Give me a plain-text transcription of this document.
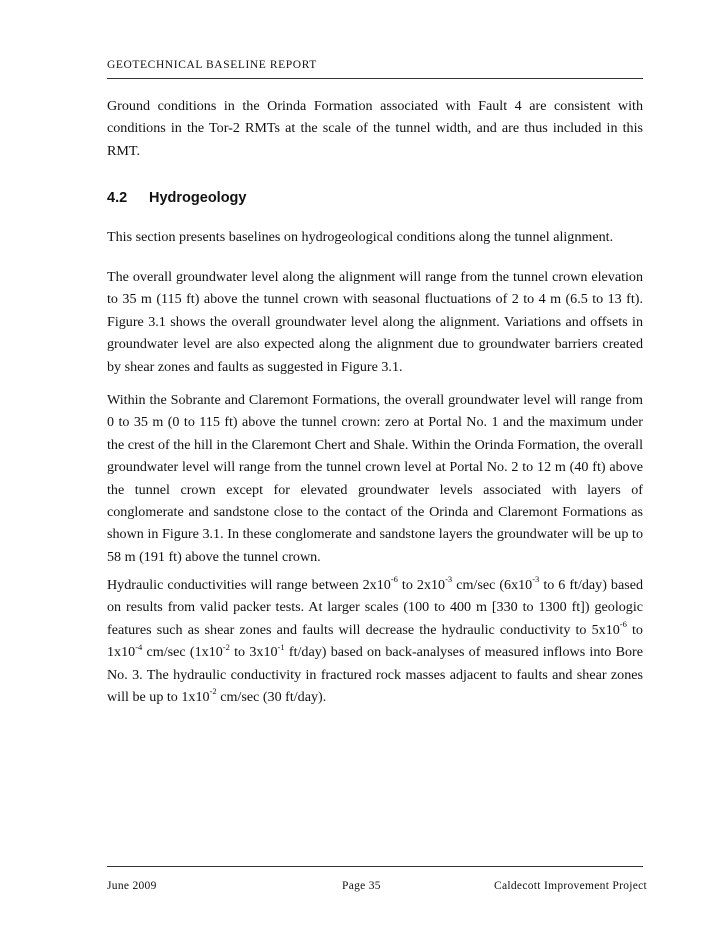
GEOTECHNICAL BASELINE REPORT
Ground conditions in the Orinda Formation associated with Fault 4 are consistent with conditions in the Tor-2 RMTs at the scale of the tunnel width, and are thus included in this RMT.
4.2 Hydrogeology
This section presents baselines on hydrogeological conditions along the tunnel alignment.
The overall groundwater level along the alignment will range from the tunnel crown elevation to 35 m (115 ft) above the tunnel crown with seasonal fluctuations of 2 to 4 m (6.5 to 13 ft). Figure 3.1 shows the overall groundwater level along the alignment. Variations and offsets in groundwater level are also expected along the alignment due to groundwater barriers created by shear zones and faults as suggested in Figure 3.1.
Within the Sobrante and Claremont Formations, the overall groundwater level will range from 0 to 35 m (0 to 115 ft) above the tunnel crown: zero at Portal No. 1 and the maximum under the crest of the hill in the Claremont Chert and Shale. Within the Orinda Formation, the overall groundwater level will range from the tunnel crown level at Portal No. 2 to 12 m (40 ft) above the tunnel crown except for elevated groundwater levels associated with layers of conglomerate and sandstone close to the contact of the Orinda and Claremont Formations as shown in Figure 3.1. In these conglomerate and sandstone layers the groundwater will be up to 58 m (191 ft) above the tunnel crown.
Hydraulic conductivities will range between $2x10^{-6}$ to $2x10^{-3}$ cm/sec ($6x10^{-3}$ to 6 ft/day) based on results from valid packer tests. At larger scales (100 to 400 m [330 to 1300 ft]) geologic features such as shear zones and faults will decrease the hydraulic conductivity to $5x10^{-6}$ to $1x10^{-4}$ cm/sec ($1x10^{-2}$ to $3x10^{-1}$ ft/day) based on back-analyses of measured inflows into Bore No. 3. The hydraulic conductivity in fractured rock masses adjacent to faults and shear zones will be up to $1x10^{-2}$ cm/sec (30 ft/day).
June 2009	Page 35	Caldecott Improvement Project
